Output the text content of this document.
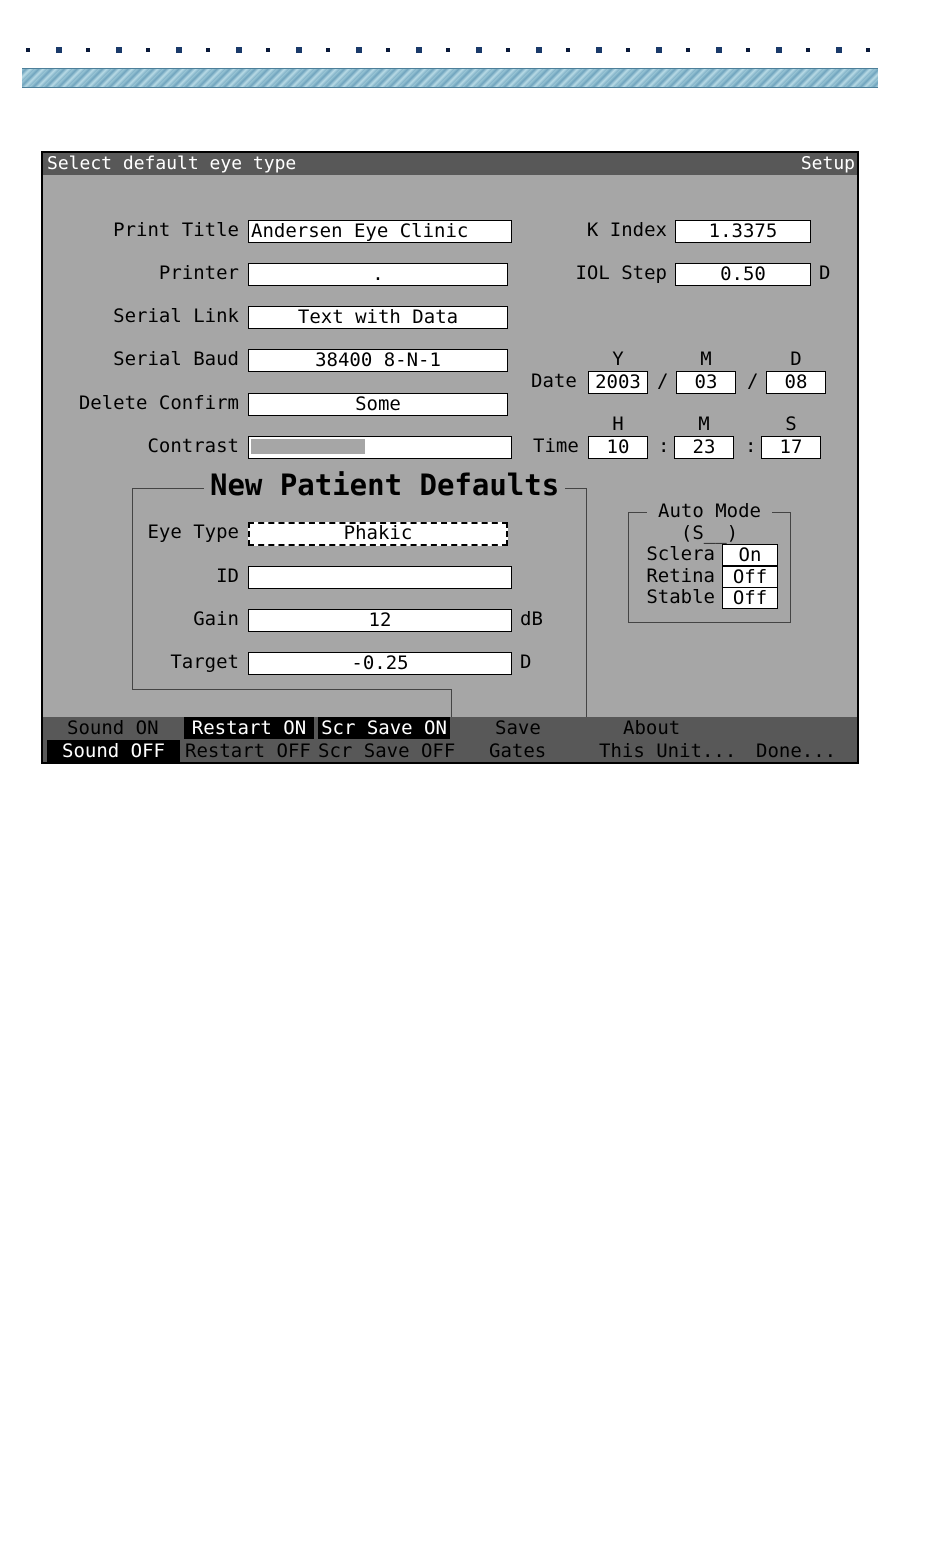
Select default eye type	Setup
Print Title Andersen Eye Clinic
Printer	.
Serial Link	Text with Data
Serial Baud	38400 8-N-1
Delete Confirm	Some
Contrast
K Index	1.3375
IOL Step	0.50	D
Y	M	D
Date 2003 /	03	/	08
H	M	S
Time	10	:	23	:	17
New Patient Defaults
Eye Type	Phakic
ID
Gain	12	dB
Target	-0.25	D
Auto Mode
(S__)
Sclera	On
Retina Off
Stable Off
Sound ON
Sound OFF
Restart ON
Restart OFF
Scr Save ON
Scr Save OFF
Save
Gates
About
This Unit... Done...
